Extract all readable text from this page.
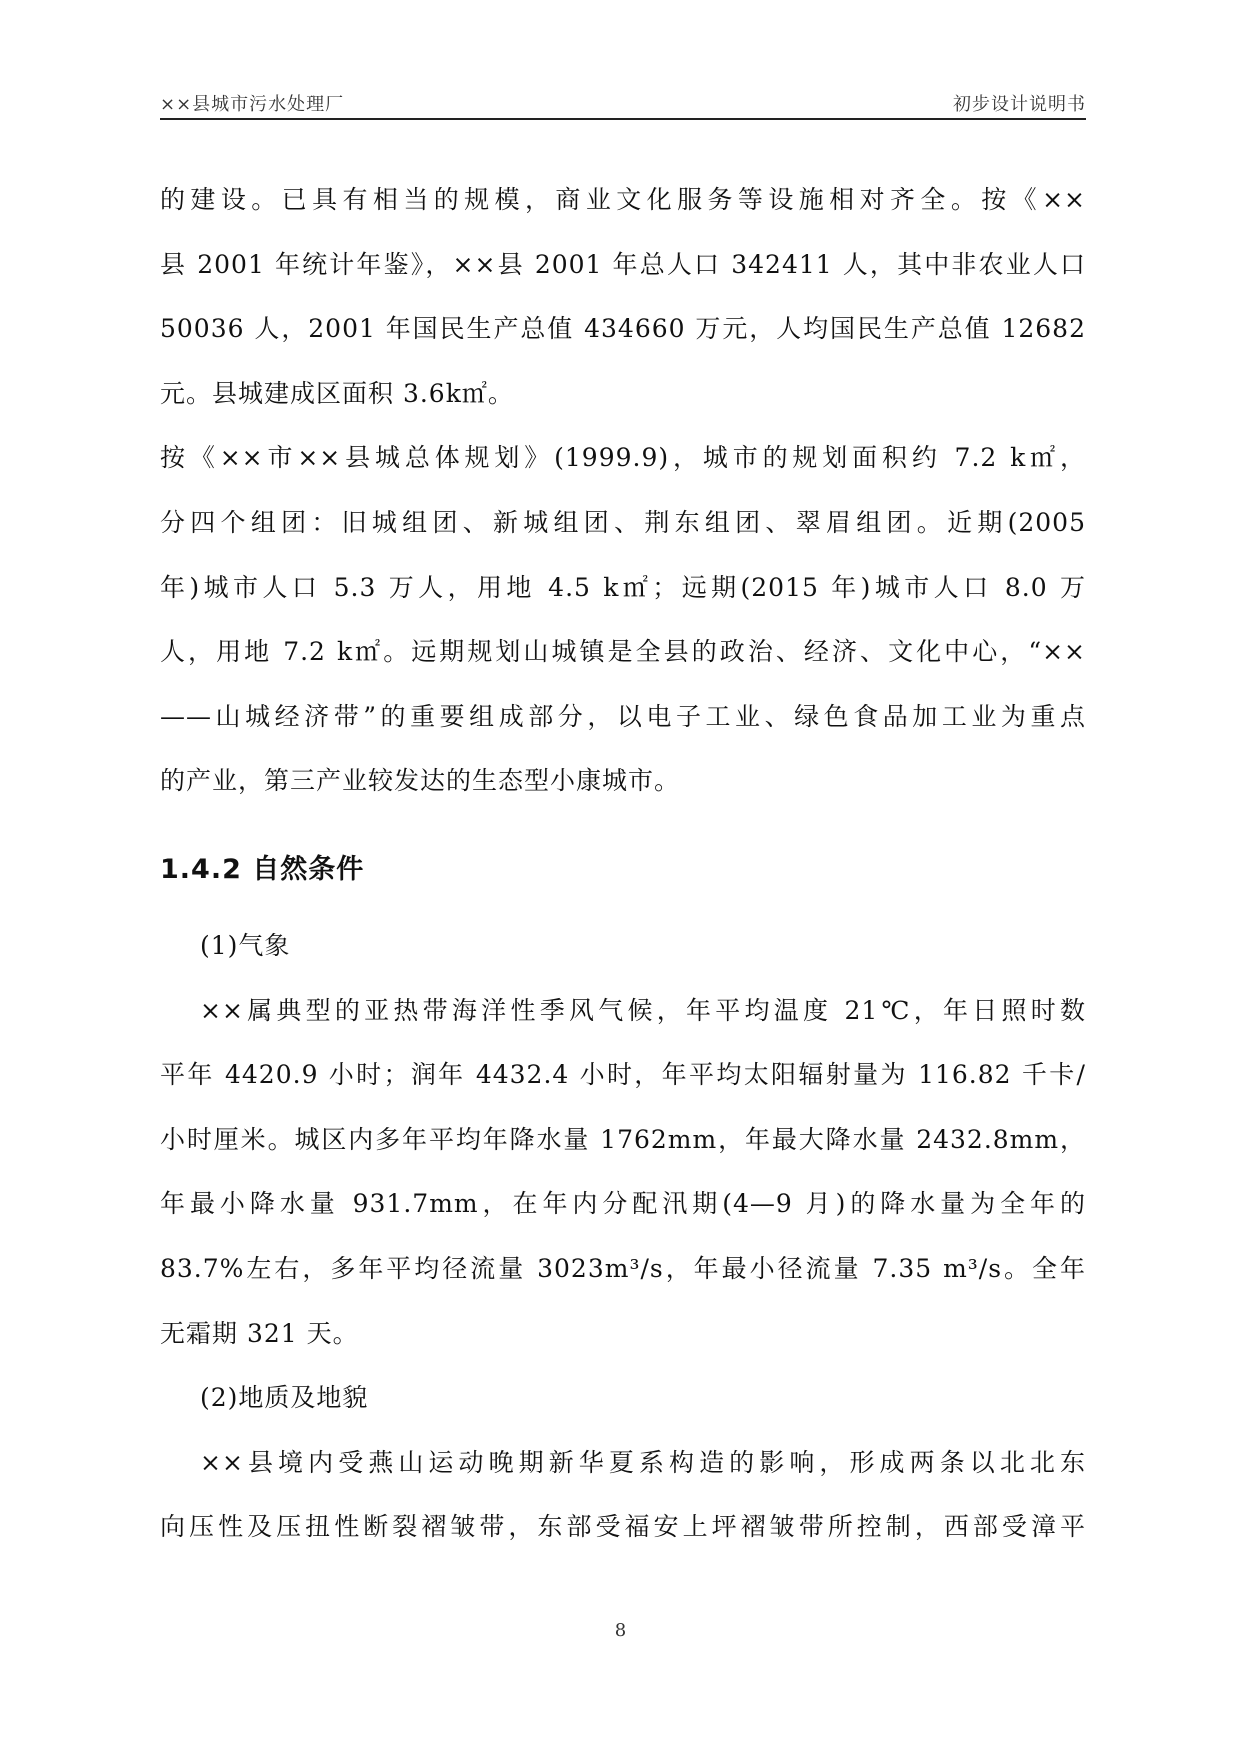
××县城市污水处理厂	初步设计说明书
的建设。已具有相当的规模，商业文化服务等设施相对齐全。按《××
县 2001 年统计年鉴》，××县 2001 年总人口 342411 人，其中非农业人口
50036 人，2001 年国民生产总值 434660 万元，人均国民生产总值 12682
元。县城建成区面积 3.6k㎡。
按《××市××县城总体规划》(1999.9)，城市的规划面积约 7.2 k㎡，
分四个组团：旧城组团、新城组团、荆东组团、翠眉组团。近期(2005
年)城市人口 5.3 万人，用地 4.5 k㎡；远期(2015 年)城市人口 8.0 万
人，用地 7.2 k㎡。远期规划山城镇是全县的政治、经济、文化中心，“××
——山城经济带”的重要组成部分，以电子工业、绿色食品加工业为重点
的产业，第三产业较发达的生态型小康城市。
1.4.2 自然条件
(1)气象
××属典型的亚热带海洋性季风气候，年平均温度 21℃，年日照时数
平年 4420.9 小时；润年 4432.4 小时，年平均太阳辐射量为 116.82 千卡/
小时厘米。城区内多年平均年降水量 1762mm，年最大降水量 2432.8mm，
年最小降水量 931.7mm，在年内分配汛期(4—9 月)的降水量为全年的
83.7%左右，多年平均径流量 3023m³/s，年最小径流量 7.35 m³/s。全年
无霜期 321 天。
(2)地质及地貌
××县境内受燕山运动晚期新华夏系构造的影响，形成两条以北北东
向压性及压扭性断裂褶皱带，东部受福安上坪褶皱带所控制，西部受漳平
8
